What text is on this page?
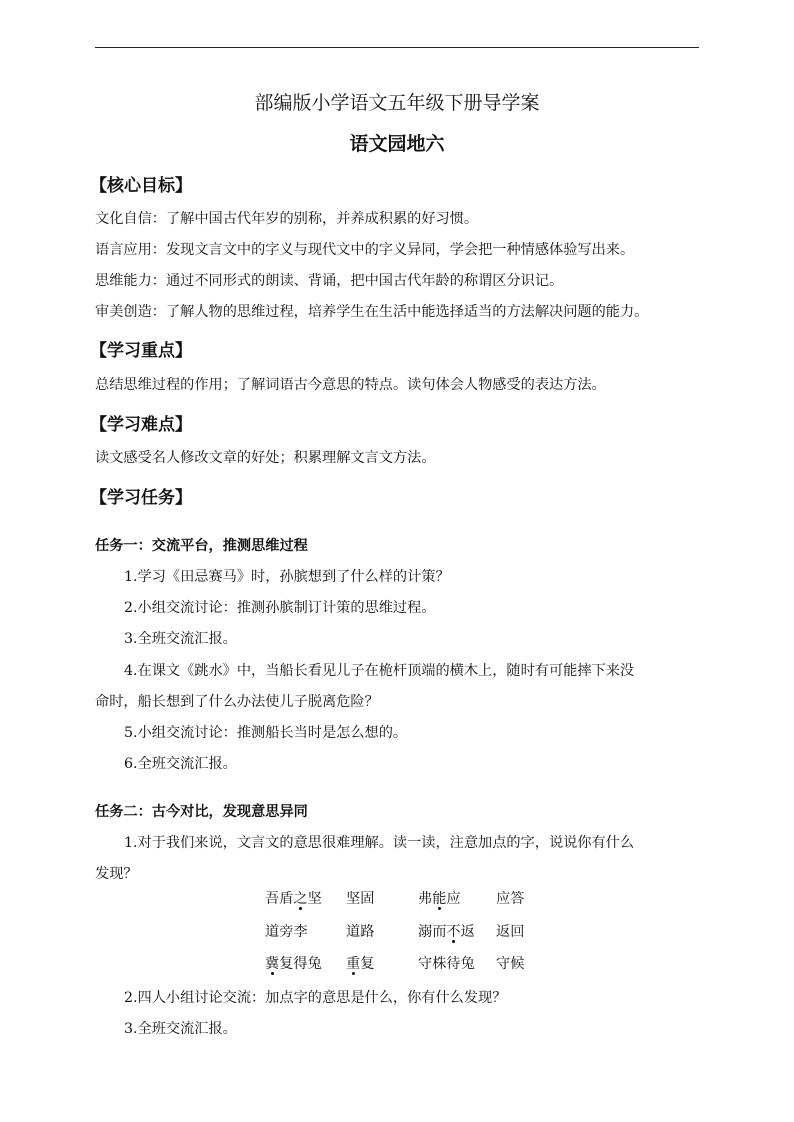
部编版小学语文五年级下册导学案
语文园地六
【核心目标】
文化自信：了解中国古代年岁的别称，并养成积累的好习惯。
语言应用：发现文言文中的字义与现代文中的字义异同，学会把一种情感体验写出来。
思维能力：通过不同形式的朗读、背诵，把中国古代年龄的称谓区分识记。
审美创造：了解人物的思维过程，培养学生在生活中能选择适当的方法解决问题的能力。
【学习重点】
总结思维过程的作用；了解词语古今意思的特点。读句体会人物感受的表达方法。
【学习难点】
读文感受名人修改文章的好处；积累理解文言文方法。
【学习任务】
任务一：交流平台，推测思维过程
1.学习《田忌赛马》时，孙膑想到了什么样的计策？
2.小组交流讨论：推测孙膑制订计策的思维过程。
3.全班交流汇报。
4.在课文《跳水》中，当船长看见儿子在桅杆顶端的横木上，随时有可能摔下来没
命时，船长想到了什么办法使儿子脱离危险？
5.小组交流讨论：推测船长当时是怎么想的。
6.全班交流汇报。
任务二：古今对比，发现意思异同
1.对于我们来说，文言文的意思很难理解。读一读，注意加点的字，说说你有什么
发现？
吾盾之坚 坚固	弗能应 应答
道旁李	道路	溺而不返 返回
冀复得兔 重复	守株待兔 守候
2.四人小组讨论交流：加点字的意思是什么，你有什么发现？
3.全班交流汇报。
